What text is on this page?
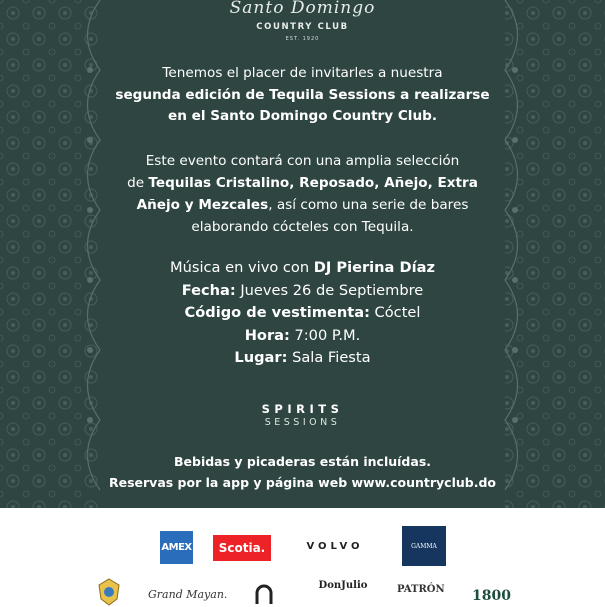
Santo Domingo
COUNTRY CLUB
EST. 1920
Tenemos el placer de invitarles a nuestra
segunda edición de Tequila Sessions a realizarse
en el Santo Domingo Country Club.
Este evento contará con una amplia selección
de Tequilas Cristalino, Reposado, Añejo, Extra
Añejo y Mezcales, así como una serie de bares
elaborando cócteles con Tequila.
Música en vivo con DJ Pierina Díaz
Fecha: Jueves 26 de Septiembre
Código de vestimenta: Cóctel
Hora: 7:00 P.M.
Lugar: Sala Fiesta
SPIRITS
SESSIONS
Bebidas y picaderas están incluídas.
Reservas por la app y página web www.countryclub.do
AMEX	Scotia.	VOLVO	GAMMA
Grand Mayan.
DonJulio	PATRÓN 1800
